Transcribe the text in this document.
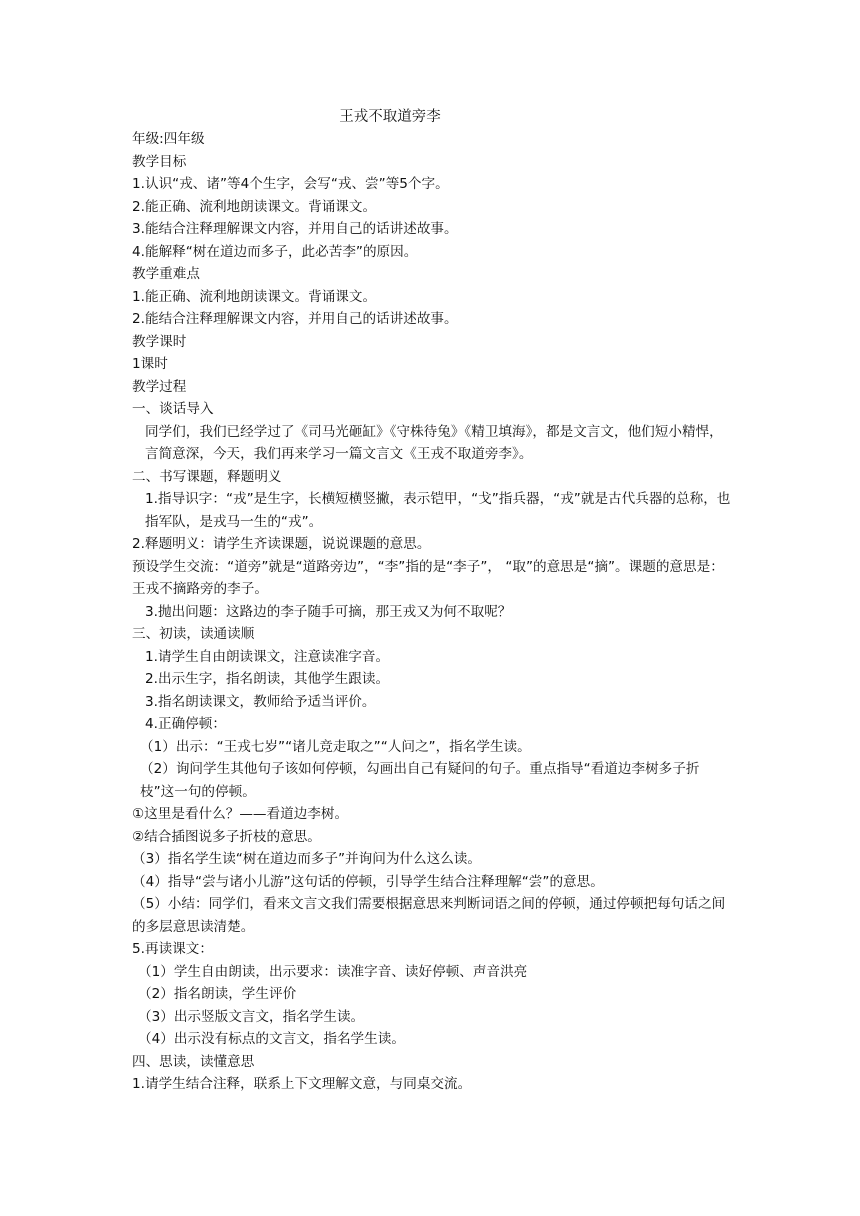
王戎不取道旁李

年级:四年级

教学目标

1.认识“戎、诸”等4个生字，会写“戎、尝”等5个字。

2.能正确、流利地朗读课文。背诵课文。

3.能结合注释理解课文内容，并用自己的话讲述故事。

4.能解释“树在道边而多子，此必苦李”的原因。

教学重难点

1.能正确、流利地朗读课文。背诵课文。

2.能结合注释理解课文内容，并用自己的话讲述故事。

教学课时

1课时

教学过程

一、谈话导入

同学们，我们已经学过了《司马光砸缸》《守株待兔》《精卫填海》，都是文言文，他们短小精悍，言简意深，今天，我们再来学习一篇文言文《王戎不取道旁李》。

二、书写课题，释题明义

1.指导识字：“戎”是生字，长横短横竖撇，表示铠甲，“戈”指兵器，“戎”就是古代兵器的总称，也指军队，是戎马一生的“戎”。

2.释题明义：请学生齐读课题，说说课题的意思。

预设学生交流：“道旁”就是“道路旁边”，“李”指的是“李子”， “取”的意思是“摘”。课题的意思是：王戎不摘路旁的李子。

3.抛出问题：这路边的李子随手可摘，那王戎又为何不取呢？

三、初读，读通读顺

1.请学生自由朗读课文，注意读准字音。

2.出示生字，指名朗读，其他学生跟读。

3.指名朗读课文，教师给予适当评价。

4.正确停顿：

（1）出示：“王戎七岁”“诸儿竞走取之”“人问之”，指名学生读。

（2）询问学生其他句子该如何停顿，勾画出自己有疑问的句子。重点指导“看道边李树多子折枝”这一句的停顿。

①这里是看什么？——看道边李树。

②结合插图说多子折枝的意思。

（3）指名学生读“树在道边而多子”并询问为什么这么读。

（4）指导“尝与诸小儿游”这句话的停顿，引导学生结合注释理解“尝”的意思。

（5）小结：同学们，看来文言文我们需要根据意思来判断词语之间的停顿，通过停顿把每句话之间的多层意思读清楚。

5.再读课文：

（1）学生自由朗读，出示要求：读准字音、读好停顿、声音洪亮

（2）指名朗读，学生评价

（3）出示竖版文言文，指名学生读。

（4）出示没有标点的文言文，指名学生读。

四、思读，读懂意思

1.请学生结合注释，联系上下文理解文意，与同桌交流。
